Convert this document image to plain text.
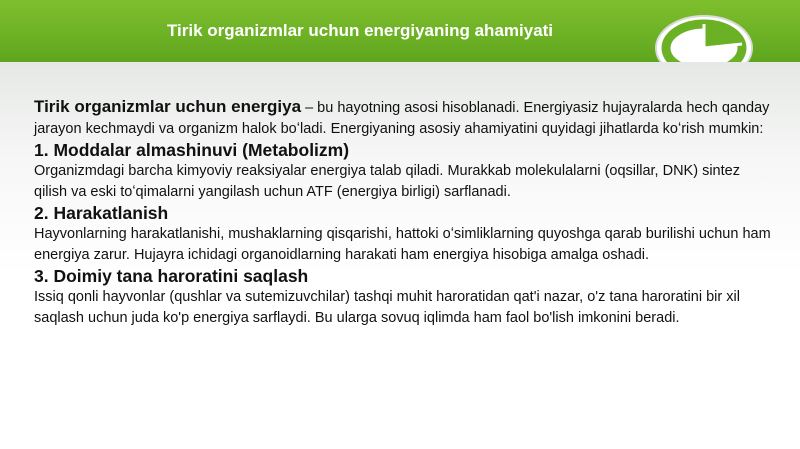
Tirik organizmlar uchun energiyaning ahamiyati

Tirik organizmlar uchun energiya – bu hayotning asosi hisoblanadi. Energiyasiz hujayralarda hech qanday jarayon kechmaydi va organizm halok boʻladi. Energiyaning asosiy ahamiyatini quyidagi jihatlarda koʻrish mumkin:

1. Moddalar almashinuvi (Metabolizm)

Organizmdagi barcha kimyoviy reaksiyalar energiya talab qiladi. Murakkab molekulalarni (oqsillar, DNK) sintez qilish va eski toʻqimalarni yangilash uchun ATF (energiya birligi) sarflanadi.

2. Harakatlanish

Hayvonlarning harakatlanishi, mushaklarning qisqarishi, hattoki oʻsimliklarning quyoshga qarab burilishi uchun ham energiya zarur. Hujayra ichidagi organoidlarning harakati ham energiya hisobiga amalga oshadi.

3. Doimiy tana haroratini saqlash

Issiq qonli hayvonlar (qushlar va sutemizuvchilar) tashqi muhit haroratidan qat'i nazar, o'z tana haroratini bir xil saqlash uchun juda ko'p energiya sarflaydi. Bu ularga sovuq iqlimda ham faol bo'lish imkonini beradi.
